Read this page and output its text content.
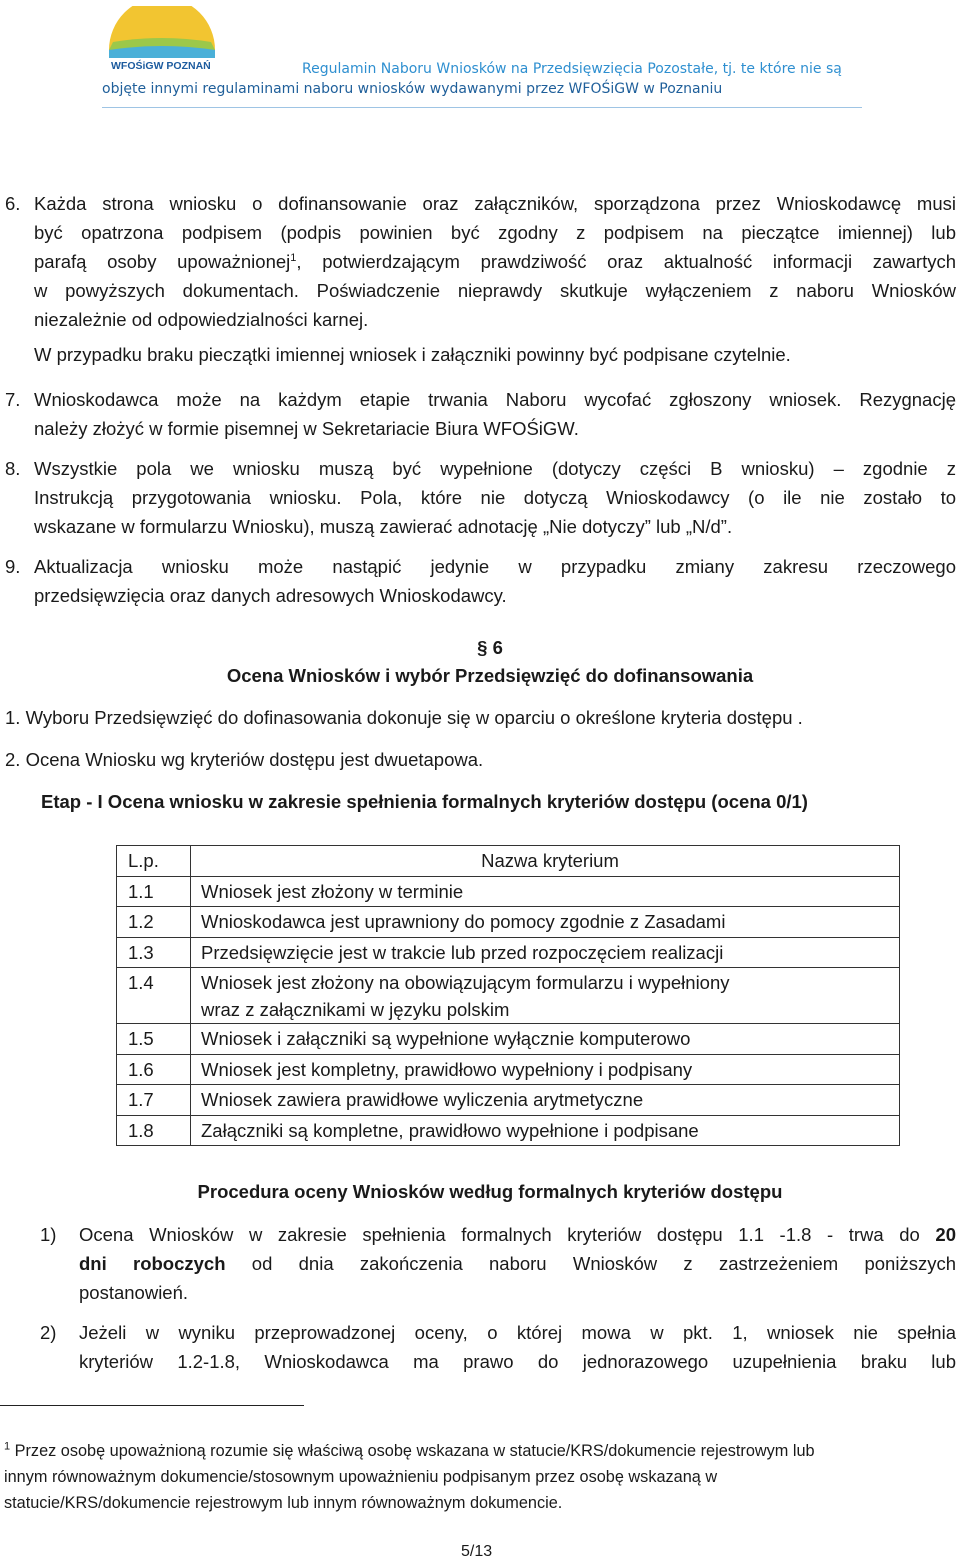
WFOŚiGW POZNAŃ	Regulamin Naboru Wniosków na Przedsięwzięcia Pozostałe, tj. te które nie są
objęte innymi regulaminami naboru wniosków wydawanymi przez WFOŚiGW w Poznaniu
6. Każda strona wniosku o dofinansowanie oraz załączników, sporządzona przez Wnioskodawcę musi
być opatrzona podpisem (podpis powinien być zgodny z podpisem na pieczątce imiennej) lub
parafą osoby upoważnionej$^1$, potwierdzającym prawdziwość oraz aktualność informacji zawartych
w powyższych dokumentach. Poświadczenie nieprawdy skutkuje wyłączeniem z naboru Wniosków
niezależnie od odpowiedzialności karnej.
W przypadku braku pieczątki imiennej wniosek i załączniki powinny być podpisane czytelnie.
7. Wnioskodawca może na każdym etapie trwania Naboru wycofać zgłoszony wniosek. Rezygnację
należy złożyć w formie pisemnej w Sekretariacie Biura WFOŚiGW.
8. Wszystkie pola we wniosku muszą być wypełnione (dotyczy części B wniosku) – zgodnie z
Instrukcją przygotowania wniosku. Pola, które nie dotyczą Wnioskodawcy (o ile nie zostało to
wskazane w formularzu Wniosku), muszą zawierać adnotację „Nie dotyczy” lub „N/d”.
9. Aktualizacja wniosku może nastąpić jedynie w przypadku zmiany zakresu rzeczowego
przedsięwzięcia oraz danych adresowych Wnioskodawcy.
§ 6
Ocena Wniosków i wybór Przedsięwzięć do dofinansowania
1. Wyboru Przedsięwzięć do dofinasowania dokonuje się w oparciu o określone kryteria dostępu .
2. Ocena Wniosku wg kryteriów dostępu jest dwuetapowa.
Etap - I Ocena wniosku w zakresie spełnienia formalnych kryteriów dostępu (ocena 0/1)
L.p.	Nazwa kryterium

1.1	Wniosek jest złożony w terminie

1.2	Wnioskodawca jest uprawniony do pomocy zgodnie z Zasadami

1.3	Przedsięwzięcie jest w trakcie lub przed rozpoczęciem realizacji

1.4	Wniosek jest złożony na obowiązującym formularzu i wypełniony
wraz z załącznikami w języku polskim

1.5	Wniosek i załączniki są wypełnione wyłącznie komputerowo

1.6	Wniosek jest kompletny, prawidłowo wypełniony i podpisany

1.7	Wniosek zawiera prawidłowe wyliczenia arytmetyczne

1.8	Załączniki są kompletne, prawidłowo wypełnione i podpisane
Procedura oceny Wniosków według formalnych kryteriów dostępu
1) Ocena Wniosków w zakresie spełnienia formalnych kryteriów dostępu 1.1 -1.8 - trwa do 20
dni roboczych od dnia zakończenia naboru Wniosków z zastrzeżeniem poniższych
postanowień.
2) Jeżeli w wyniku przeprowadzonej oceny, o której mowa w pkt. 1, wniosek nie spełnia
kryteriów 1.2-1.8, Wnioskodawca ma prawo do jednorazowego uzupełnienia braku lub
$^1$ Przez osobę upoważnioną rozumie się właściwą osobę wskazana w statucie/KRS/dokumencie rejestrowym lub
innym równoważnym dokumencie/stosownym upoważnieniu podpisanym przez osobę wskazaną w
statucie/KRS/dokumencie rejestrowym lub innym równoważnym dokumencie.
5/13
